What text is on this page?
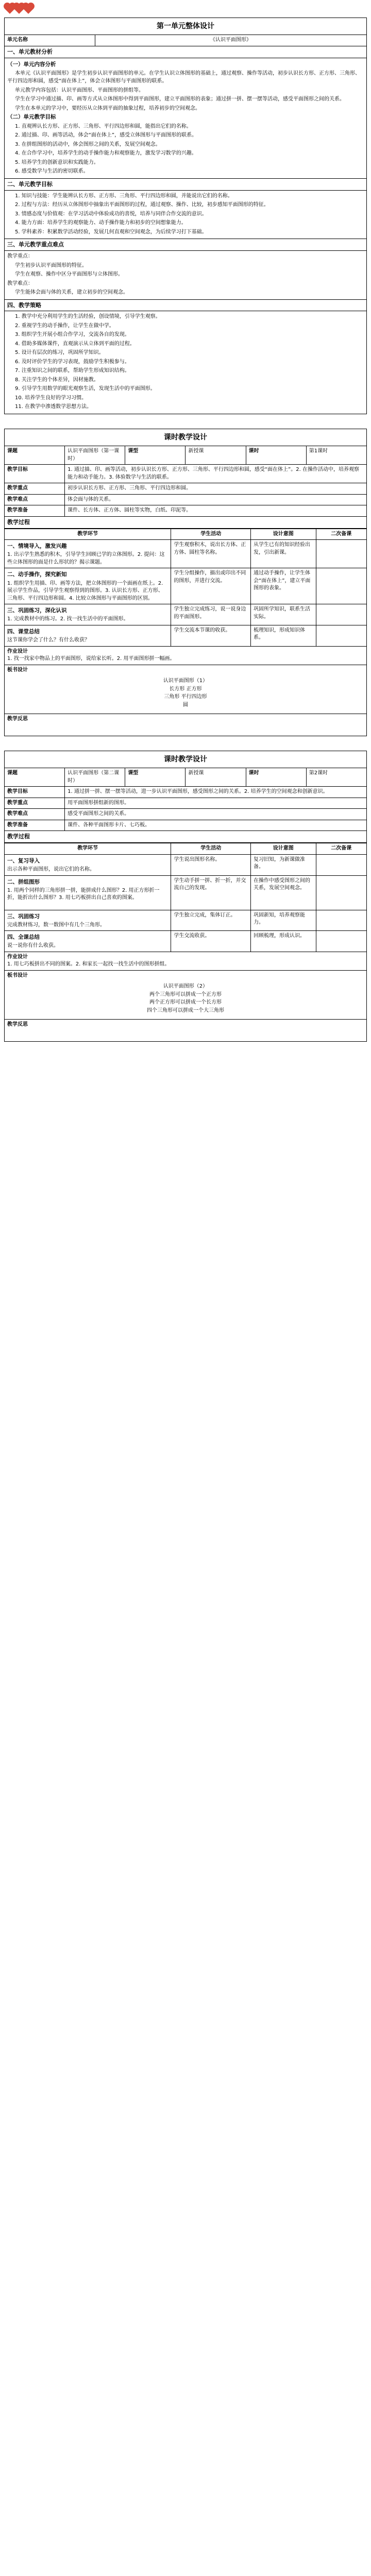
第一单元整体设计
单元名称	《认识平面图形》
一、单元教材分析

（一）单元内容分析

本单元《认识平面图形》是学生初步认识平面图形的单元。在学生认识立体图形的基础上，通过观察、操作等活动，初步认识长方形、正方形、三角形、平行四边形和圆，感受“面在体上”，体会立体图形与平面图形的联系。

单元教学内容包括：认识平面图形、平面图形的拼组等。

学生在学习中通过描、印、画等方式从立体图形中得到平面图形，建立平面图形的表象；通过拼一拼、摆一摆等活动，感受平面图形之间的关系。

学生在本单元的学习中，要经历从立体到平面的抽象过程，培养初步的空间观念。

（二）单元教学目标

1. 直观辨认长方形、正方形、三角形、平行四边形和圆，能指出它们的名称。

2. 通过描、印、画等活动，体会“面在体上”，感受立体图形与平面图形的联系。

3. 在拼组图形的活动中，体会图形之间的关系，发展空间观念。

4. 在合作学习中，培养学生的动手操作能力和观察能力，激发学习数学的兴趣。

5. 培养学生的创新意识和实践能力。

6. 感受数学与生活的密切联系。

二、单元教学目标

1. 知识与技能：学生能辨认长方形、正方形、三角形、平行四边形和圆，并能说出它们的名称。

2. 过程与方法：经历从立体图形中抽象出平面图形的过程，通过观察、操作、比较，初步感知平面图形的特征。

3. 情感态度与价值观：在学习活动中体验成功的喜悦，培养与同伴合作交流的意识。

4. 能力方面：培养学生的观察能力、动手操作能力和初步的空间想象能力。

5. 学科素养：积累数学活动经验，发展几何直观和空间观念，为后续学习打下基础。

三、单元教学重点难点

教学重点：

学生初步认识平面图形的特征。

学生在观察、操作中区分平面图形与立体图形。

教学难点：

学生能体会面与体的关系，建立初步的空间观念。

四、教学策略

1. 教学中充分利用学生的生活经验，创设情境，引导学生观察。

2. 重视学生的动手操作，让学生在做中学。

3. 组织学生开展小组合作学习，交流各自的发现。

4. 借助多媒体课件，直观演示从立体到平面的过程。

5. 设计有层次的练习，巩固所学知识。

6. 及时评价学生的学习表现，鼓励学生积极参与。

7. 注重知识之间的联系，帮助学生形成知识结构。

8. 关注学生的个体差异，因材施教。

9. 引导学生用数学的眼光观察生活，发现生活中的平面图形。

10. 培养学生良好的学习习惯。

11. 在教学中渗透数学思想方法。

课时教学设计					
课题	认识平面图形（第一课时）	课型	新授课	课时	第1课时
教学目标	1. 通过描、印、画等活动，初步认识长方形、正方形、三角形、平行四边形和圆，感受“面在体上”。2. 在操作活动中，培养观察能力和动手能力。3. 体验数学与生活的联系。				
教学重点	初步认识长方形、正方形、三角形、平行四边形和圆。				
教学难点	体会面与体的关系。				
教学准备	课件、长方体、正方体、圆柱等实物，白纸、印泥等。				
教学过程					
教学环节	学生活动	设计意图	二次备课

一、情境导入，激发兴趣
1. 出示学生熟悉的积木，引导学生回顾已学的立体图形。2. 提问：这些立体图形的面是什么形状的？揭示课题。	学生观察积木，说出长方体、正方体、圆柱等名称。	从学生已有的知识经验出发，引出新课。	

二、动手操作，探究新知
1. 组织学生用描、印、画等方法，把立体图形的一个面画在纸上。2. 展示学生作品，引导学生观察得到的图形。3. 认识长方形、正方形、三角形、平行四边形和圆。4. 比较立体图形与平面图形的区别。	学生分组操作，描出或印出不同的图形，并进行交流。	通过动手操作，让学生体会“面在体上”，建立平面图形的表象。	

三、巩固练习，深化认识
1. 完成教材中的练习。2. 找一找生活中的平面图形。	学生独立完成练习，说一说身边的平面图形。	巩固所学知识，联系生活实际。	

四、课堂总结
这节课你学会了什么？有什么收获？	学生交流本节课的收获。	梳理知识，形成知识体系。	
作业设计
1. 找一找家中物品上的平面图形，说给家长听。2. 用平面图形拼一幅画。			

板书设计
认识平面图形（1）
长方形 正方形
三角形 平行四边形
圆			

教学反思			
课时教学设计					
课题	认识平面图形（第二课时）	课型	新授课	课时	第2课时
教学目标	1. 通过拼一拼、摆一摆等活动，进一步认识平面图形，感受图形之间的关系。2. 培养学生的空间观念和创新意识。				
教学重点	用平面图形拼组新的图形。				
教学难点	感受平面图形之间的关系。				
教学准备	课件、各种平面图形卡片、七巧板。				
教学过程					
教学环节	学生活动	设计意图	二次备课

一、复习导入
出示各种平面图形，说出它们的名称。	学生说出图形名称。	复习旧知，为新课做准备。	

二、拼组图形
1. 用两个同样的三角形拼一拼，能拼成什么图形？2. 用正方形折一折，能折出什么图形？3. 用七巧板拼出自己喜欢的图案。	学生动手拼一拼、折一折，并交流自己的发现。	在操作中感受图形之间的关系，发展空间观念。	

三、巩固练习
完成教材练习，数一数图中有几个三角形。	学生独立完成，集体订正。	巩固新知，培养观察能力。	

四、全课总结
说一说你有什么收获。	学生交流收获。	回顾梳理，形成认识。	
作业设计
1. 用七巧板拼出不同的图案。2. 和家长一起找一找生活中的图形拼组。			

板书设计
认识平面图形（2）
两个三角形可以拼成一个正方形
两个正方形可以拼成一个长方形
四个三角形可以拼成一个大三角形			

教学反思			
